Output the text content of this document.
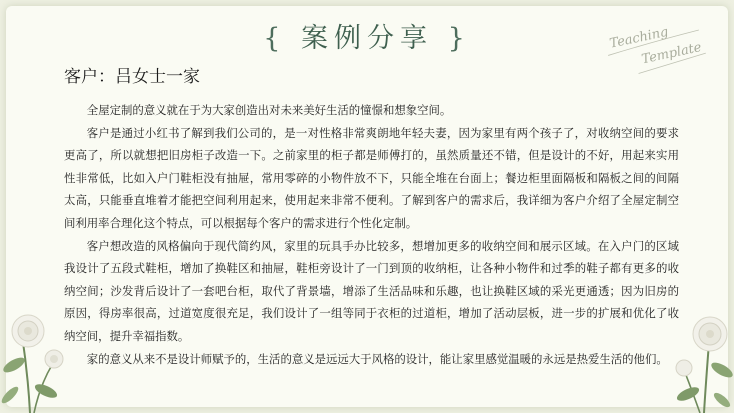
{ 案例分享 }	Teaching
Template
客户：吕女士一家

全屋定制的意义就在于为大家创造出对未来美好生活的憧憬和想象空间。

客户是通过小红书了解到我们公司的，是一对性格非常爽朗地年轻夫妻，因为家里有两个孩子了，对收纳空间的要求更高了，所以就想把旧房柜子改造一下。之前家里的柜子都是师傅打的，虽然质量还不错，但是设计的不好，用起来实用性非常低，比如入户门鞋柜没有抽屉，常用零碎的小物件放不下，只能全堆在台面上；餐边柜里面隔板和隔板之间的间隔太高，只能垂直堆着才能把空间利用起来，使用起来非常不便利。了解到客户的需求后，我详细为客户介绍了全屋定制空间利用率合理化这个特点，可以根据每个客户的需求进行个性化定制。

客户想改造的风格偏向于现代简约风，家里的玩具手办比较多，想增加更多的收纳空间和展示区域。在入户门的区域我设计了五段式鞋柜，增加了换鞋区和抽屉，鞋柜旁设计了一门到顶的收纳柜，让各种小物件和过季的鞋子都有更多的收纳空间；沙发背后设计了一套吧台柜，取代了背景墙，增添了生活品味和乐趣，也让换鞋区域的采光更通透；因为旧房的原因，得房率很高，过道宽度很充足，我们设计了一组等同于衣柜的过道柜，增加了活动层板，进一步的扩展和优化了收纳空间，提升幸福指数。

家的意义从来不是设计师赋予的，生活的意义是远远大于风格的设计，能让家里感觉温暖的永远是热爱生活的他们。
